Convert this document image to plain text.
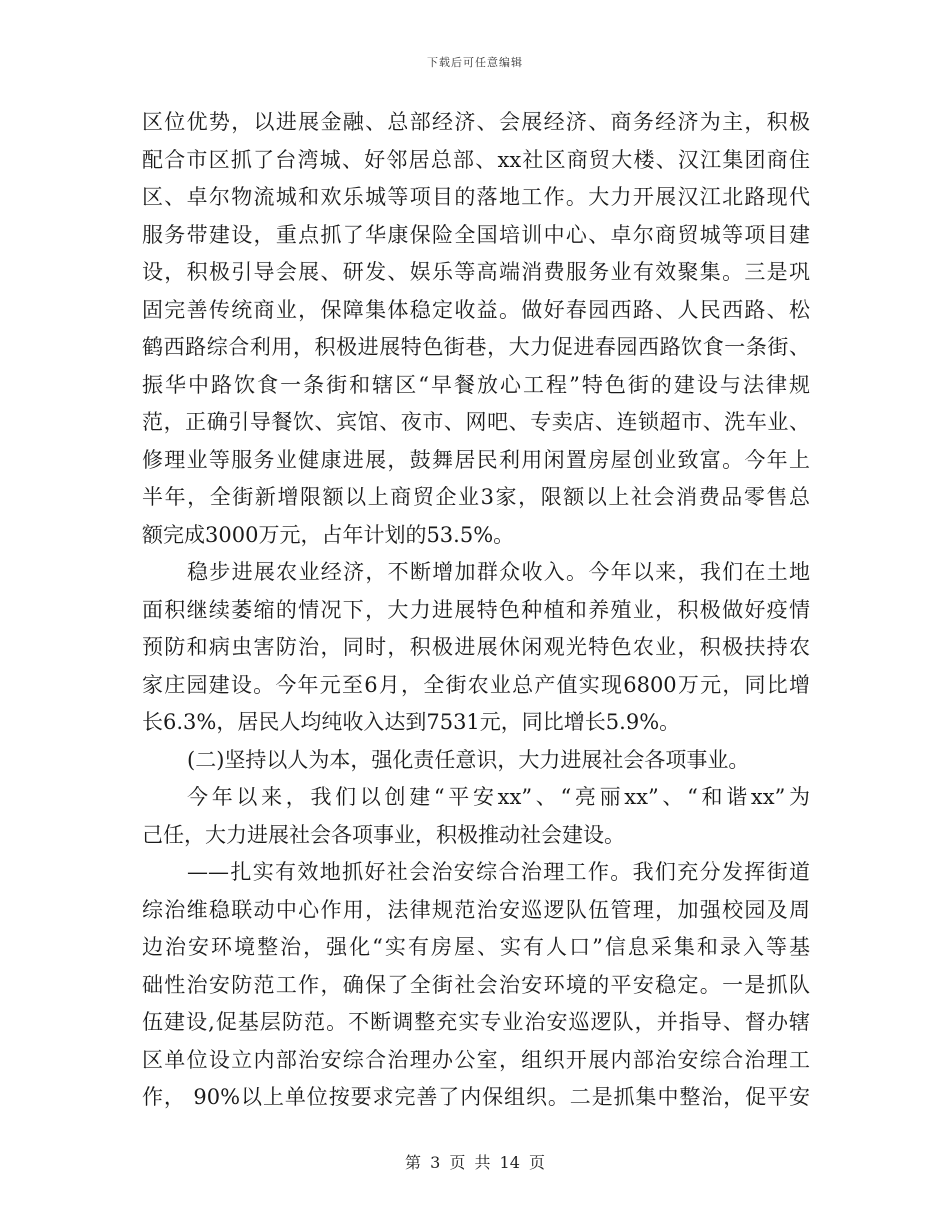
下载后可任意编辑
区位优势，以进展金融、总部经济、会展经济、商务经济为主，积极
配合市区抓了台湾城、好邻居总部、xx社区商贸大楼、汉江集团商住
区、卓尔物流城和欢乐城等项目的落地工作。大力开展汉江北路现代
服务带建设，重点抓了华康保险全国培训中心、卓尔商贸城等项目建
设，积极引导会展、研发、娱乐等高端消费服务业有效聚集。三是巩
固完善传统商业，保障集体稳定收益。做好春园西路、人民西路、松
鹤西路综合利用，积极进展特色街巷，大力促进春园西路饮食一条街、
振华中路饮食一条街和辖区“早餐放心工程”特色街的建设与法律规
范，正确引导餐饮、宾馆、夜市、网吧、专卖店、连锁超市、洗车业、
修理业等服务业健康进展，鼓舞居民利用闲置房屋创业致富。今年上
半年，全街新增限额以上商贸企业3家，限额以上社会消费品零售总
额完成3000万元，占年计划的53.5%。
稳步进展农业经济，不断增加群众收入。今年以来，我们在土地
面积继续萎缩的情况下，大力进展特色种植和养殖业，积极做好疫情
预防和病虫害防治，同时，积极进展休闲观光特色农业，积极扶持农
家庄园建设。今年元至6月，全街农业总产值实现6800万元，同比增
长6.3%，居民人均纯收入达到7531元，同比增长5.9%。
(二)坚持以人为本，强化责任意识，大力进展社会各项事业。
今年以来，我们以创建“平安xx”、“亮丽xx”、“和谐xx”为
己任，大力进展社会各项事业，积极推动社会建设。
——扎实有效地抓好社会治安综合治理工作。我们充分发挥街道
综治维稳联动中心作用，法律规范治安巡逻队伍管理，加强校园及周
边治安环境整治，强化“实有房屋、实有人口”信息采集和录入等基
础性治安防范工作，确保了全街社会治安环境的平安稳定。一是抓队
伍建设,促基层防范。不断调整充实专业治安巡逻队，并指导、督办辖
区单位设立内部治安综合治理办公室，组织开展内部治安综合治理工
作， 90%以上单位按要求完善了内保组织。二是抓集中整治，促平安
第 3 页 共 14 页
